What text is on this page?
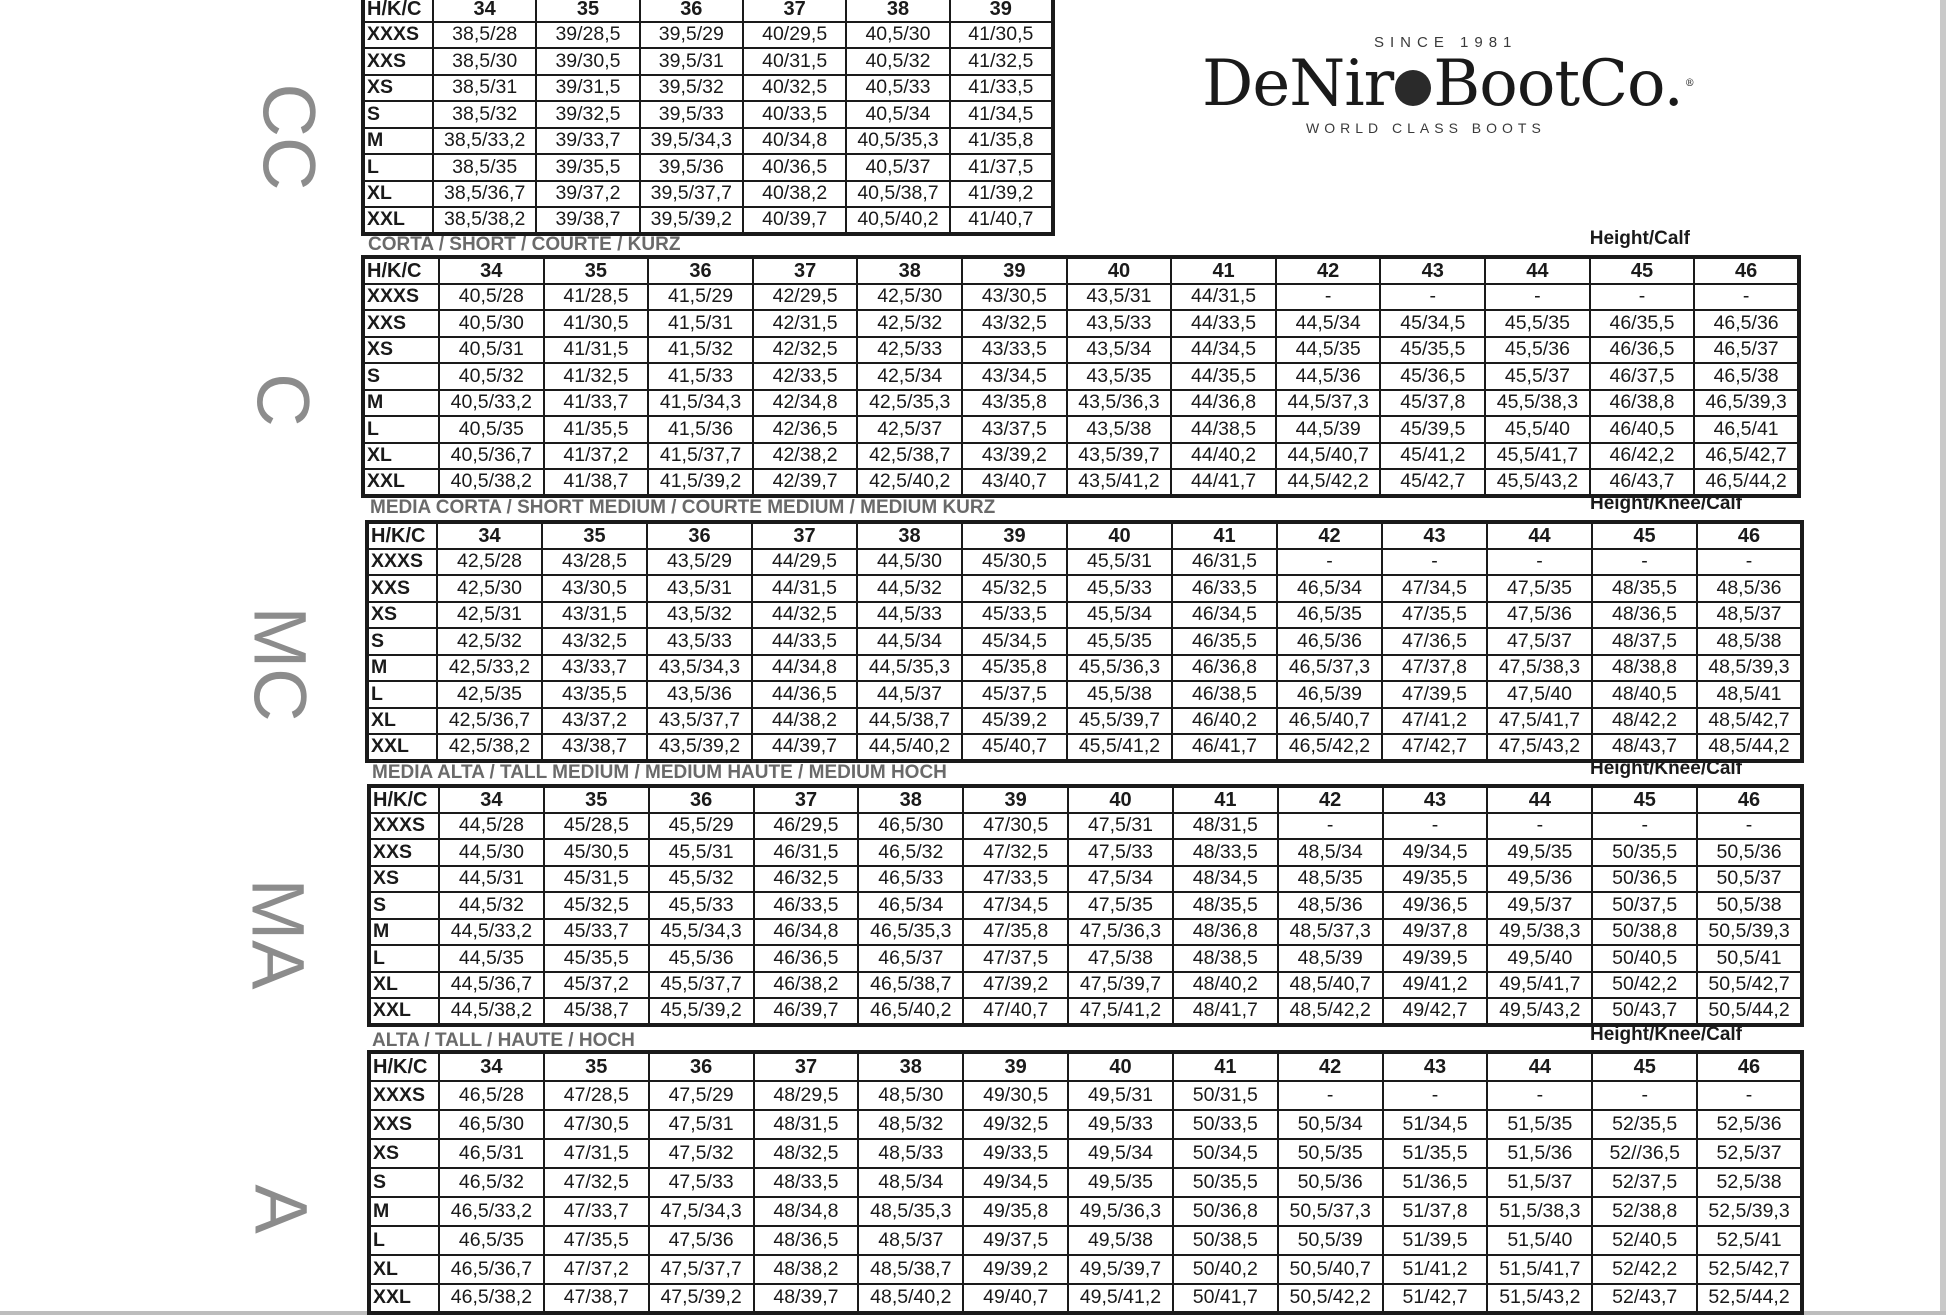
SINCE 1981
DeNir BootCo. ®
WORLD CLASS BOOTS
CORTA / SHORT / COURTE / KURZ	Height/Calf
MEDIA CORTA / SHORT MEDIUM / COURTE MEDIUM / MEDIUM KURZ	Height/Knee/Calf
MEDIA ALTA / TALL MEDIUM / MEDIUM HAUTE / MEDIUM HOCH	Height/Knee/Calf
ALTA / TALL / HAUTE / HOCH	Height/Knee/Calf
CC
C
MC
MA
A
H/K/C	34	35	36	37	38	39
XXXS	38,5/28	39/28,5	39,5/29	40/29,5	40,5/30	41/30,5
XXS	38,5/30	39/30,5	39,5/31	40/31,5	40,5/32	41/32,5
XS	38,5/31	39/31,5	39,5/32	40/32,5	40,5/33	41/33,5
S	38,5/32	39/32,5	39,5/33	40/33,5	40,5/34	41/34,5
M	38,5/33,2	39/33,7	39,5/34,3	40/34,8	40,5/35,3	41/35,8
L	38,5/35	39/35,5	39,5/36	40/36,5	40,5/37	41/37,5
XL	38,5/36,7	39/37,2	39,5/37,7	40/38,2	40,5/38,7	41/39,2
XXL	38,5/38,2	39/38,7	39,5/39,2	40/39,7	40,5/40,2	41/40,7
H/K/C	34	35	36	37	38	39	40	41	42	43	44	45	46
XXXS	40,5/28	41/28,5	41,5/29	42/29,5	42,5/30	43/30,5	43,5/31	44/31,5	-	-	-	-	-
XXS	40,5/30	41/30,5	41,5/31	42/31,5	42,5/32	43/32,5	43,5/33	44/33,5	44,5/34	45/34,5	45,5/35	46/35,5	46,5/36
XS	40,5/31	41/31,5	41,5/32	42/32,5	42,5/33	43/33,5	43,5/34	44/34,5	44,5/35	45/35,5	45,5/36	46/36,5	46,5/37
S	40,5/32	41/32,5	41,5/33	42/33,5	42,5/34	43/34,5	43,5/35	44/35,5	44,5/36	45/36,5	45,5/37	46/37,5	46,5/38
M	40,5/33,2	41/33,7	41,5/34,3	42/34,8	42,5/35,3	43/35,8	43,5/36,3	44/36,8	44,5/37,3	45/37,8	45,5/38,3	46/38,8	46,5/39,3
L	40,5/35	41/35,5	41,5/36	42/36,5	42,5/37	43/37,5	43,5/38	44/38,5	44,5/39	45/39,5	45,5/40	46/40,5	46,5/41
XL	40,5/36,7	41/37,2	41,5/37,7	42/38,2	42,5/38,7	43/39,2	43,5/39,7	44/40,2	44,5/40,7	45/41,2	45,5/41,7	46/42,2	46,5/42,7
XXL	40,5/38,2	41/38,7	41,5/39,2	42/39,7	42,5/40,2	43/40,7	43,5/41,2	44/41,7	44,5/42,2	45/42,7	45,5/43,2	46/43,7	46,5/44,2
H/K/C	34	35	36	37	38	39	40	41	42	43	44	45	46
XXXS	42,5/28	43/28,5	43,5/29	44/29,5	44,5/30	45/30,5	45,5/31	46/31,5	-	-	-	-	-
XXS	42,5/30	43/30,5	43,5/31	44/31,5	44,5/32	45/32,5	45,5/33	46/33,5	46,5/34	47/34,5	47,5/35	48/35,5	48,5/36
XS	42,5/31	43/31,5	43,5/32	44/32,5	44,5/33	45/33,5	45,5/34	46/34,5	46,5/35	47/35,5	47,5/36	48/36,5	48,5/37
S	42,5/32	43/32,5	43,5/33	44/33,5	44,5/34	45/34,5	45,5/35	46/35,5	46,5/36	47/36,5	47,5/37	48/37,5	48,5/38
M	42,5/33,2	43/33,7	43,5/34,3	44/34,8	44,5/35,3	45/35,8	45,5/36,3	46/36,8	46,5/37,3	47/37,8	47,5/38,3	48/38,8	48,5/39,3
L	42,5/35	43/35,5	43,5/36	44/36,5	44,5/37	45/37,5	45,5/38	46/38,5	46,5/39	47/39,5	47,5/40	48/40,5	48,5/41
XL	42,5/36,7	43/37,2	43,5/37,7	44/38,2	44,5/38,7	45/39,2	45,5/39,7	46/40,2	46,5/40,7	47/41,2	47,5/41,7	48/42,2	48,5/42,7
XXL	42,5/38,2	43/38,7	43,5/39,2	44/39,7	44,5/40,2	45/40,7	45,5/41,2	46/41,7	46,5/42,2	47/42,7	47,5/43,2	48/43,7	48,5/44,2
H/K/C	34	35	36	37	38	39	40	41	42	43	44	45	46
XXXS	44,5/28	45/28,5	45,5/29	46/29,5	46,5/30	47/30,5	47,5/31	48/31,5	-	-	-	-	-
XXS	44,5/30	45/30,5	45,5/31	46/31,5	46,5/32	47/32,5	47,5/33	48/33,5	48,5/34	49/34,5	49,5/35	50/35,5	50,5/36
XS	44,5/31	45/31,5	45,5/32	46/32,5	46,5/33	47/33,5	47,5/34	48/34,5	48,5/35	49/35,5	49,5/36	50/36,5	50,5/37
S	44,5/32	45/32,5	45,5/33	46/33,5	46,5/34	47/34,5	47,5/35	48/35,5	48,5/36	49/36,5	49,5/37	50/37,5	50,5/38
M	44,5/33,2	45/33,7	45,5/34,3	46/34,8	46,5/35,3	47/35,8	47,5/36,3	48/36,8	48,5/37,3	49/37,8	49,5/38,3	50/38,8	50,5/39,3
L	44,5/35	45/35,5	45,5/36	46/36,5	46,5/37	47/37,5	47,5/38	48/38,5	48,5/39	49/39,5	49,5/40	50/40,5	50,5/41
XL	44,5/36,7	45/37,2	45,5/37,7	46/38,2	46,5/38,7	47/39,2	47,5/39,7	48/40,2	48,5/40,7	49/41,2	49,5/41,7	50/42,2	50,5/42,7
XXL	44,5/38,2	45/38,7	45,5/39,2	46/39,7	46,5/40,2	47/40,7	47,5/41,2	48/41,7	48,5/42,2	49/42,7	49,5/43,2	50/43,7	50,5/44,2
H/K/C	34	35	36	37	38	39	40	41	42	43	44	45	46
XXXS	46,5/28	47/28,5	47,5/29	48/29,5	48,5/30	49/30,5	49,5/31	50/31,5	-	-	-	-	-
XXS	46,5/30	47/30,5	47,5/31	48/31,5	48,5/32	49/32,5	49,5/33	50/33,5	50,5/34	51/34,5	51,5/35	52/35,5	52,5/36
XS	46,5/31	47/31,5	47,5/32	48/32,5	48,5/33	49/33,5	49,5/34	50/34,5	50,5/35	51/35,5	51,5/36	52//36,5	52,5/37
S	46,5/32	47/32,5	47,5/33	48/33,5	48,5/34	49/34,5	49,5/35	50/35,5	50,5/36	51/36,5	51,5/37	52/37,5	52,5/38
M	46,5/33,2	47/33,7	47,5/34,3	48/34,8	48,5/35,3	49/35,8	49,5/36,3	50/36,8	50,5/37,3	51/37,8	51,5/38,3	52/38,8	52,5/39,3
L	46,5/35	47/35,5	47,5/36	48/36,5	48,5/37	49/37,5	49,5/38	50/38,5	50,5/39	51/39,5	51,5/40	52/40,5	52,5/41
XL	46,5/36,7	47/37,2	47,5/37,7	48/38,2	48,5/38,7	49/39,2	49,5/39,7	50/40,2	50,5/40,7	51/41,2	51,5/41,7	52/42,2	52,5/42,7
XXL	46,5/38,2	47/38,7	47,5/39,2	48/39,7	48,5/40,2	49/40,7	49,5/41,2	50/41,7	50,5/42,2	51/42,7	51,5/43,2	52/43,7	52,5/44,2
